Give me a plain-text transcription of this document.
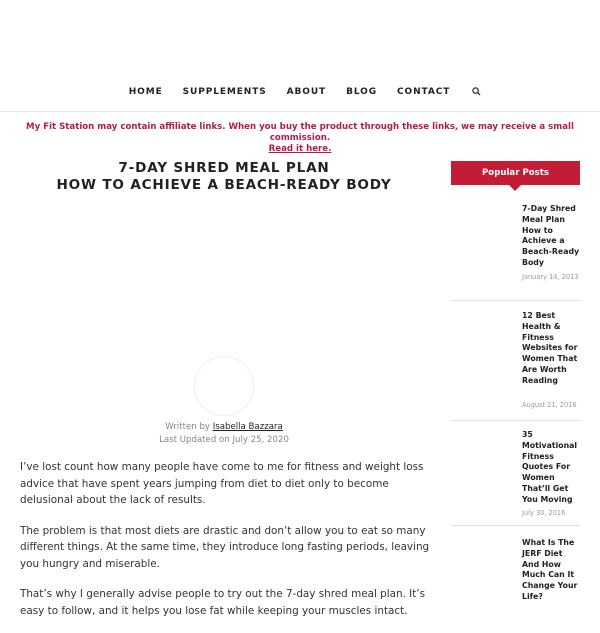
HOME	SUPPLEMENTS	ABOUT	BLOG	CONTACT
My Fit Station may contain affiliate links. When you buy the product through these links, we may receive a small commission.
Read it here.
7-DAY SHRED MEAL PLAN
HOW TO ACHIEVE A BEACH-READY BODY
Written by Isabella Bazzara
Last Updated on July 25, 2020

I’ve lost count how many people have come to me for fitness and weight loss advice that have spent years jumping from diet to diet only to become delusional about the lack of results.

The problem is that most diets are drastic and don’t allow you to eat so many different things. At the same time, they introduce long fasting periods, leaving you hungry and miserable.

That’s why I generally advise people to try out the 7-day shred meal plan. It’s easy to follow, and it helps you lose fat while keeping your muscles intact.

Popular Posts
7-Day Shred Meal Plan How to Achieve a Beach-Ready Body
January 14, 2013
12 Best Health & Fitness Websites for Women That Are Worth Reading
August 21, 2016
35 Motivational Fitness Quotes For Women That’ll Get You Moving
July 30, 2016
What Is The JERF Diet And How Much Can It Change Your Life?
